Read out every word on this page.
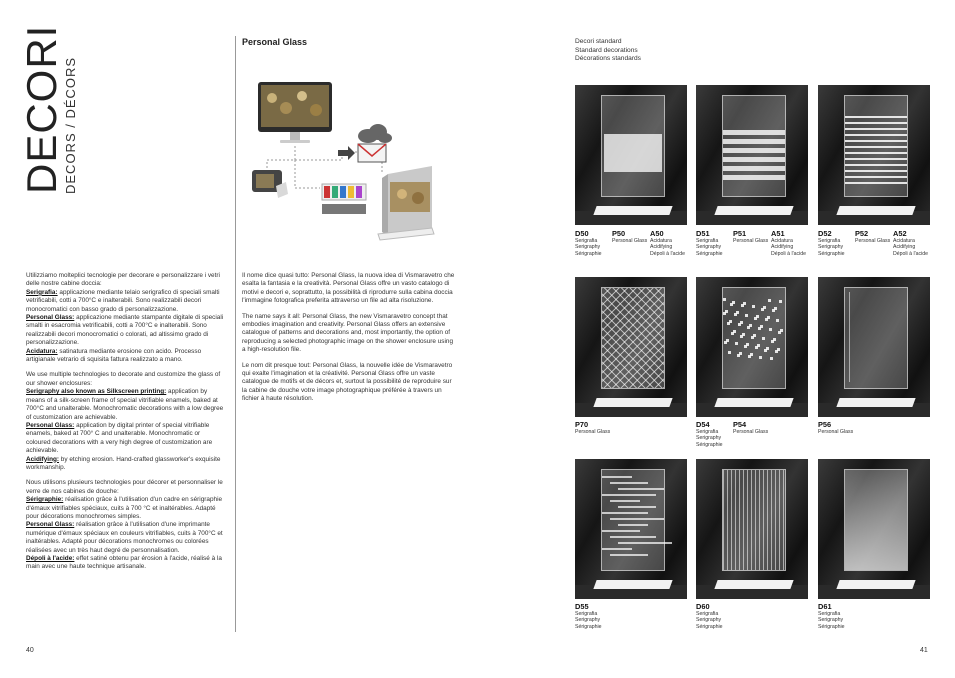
DECORI
DECORS / DÉCORS

Utilizziamo molteplici tecnologie per decorare e personalizzare i vetri delle nostre cabine doccia:
Serigrafia: applicazione mediante telaio serigrafico di speciali smalti vetrificabili, cotti a 700°C e inalterabili. Sono realizzabili decori monocromatici con basso grado di personalizzazione.
Personal Glass: applicazione mediante stampante digitale di speciali smalti in esacromia vetrificabili, cotti a 700°C e inalterabili. Sono realizzabili decori monocromatici o colorati, ad altissimo grado di personalizzazione.
Acidatura: satinatura mediante erosione con acido. Processo artigianale vetrario di squisita fattura realizzato a mano.

We use multiple technologies to decorate and customize the glass of our shower enclosures:
Serigraphy also known as Silkscreen printing: application by means of a silk-screen frame of special vitrifiable enamels, baked at 700°C and unalterable. Monochromatic decorations with a low degree of customization are achievable.
Personal Glass: application by digital printer of special vitrifiable enamels, baked at 700° C and unalterable. Monochromatic or coloured decorations with a very high degree of customization are achievable.
Acidifying: by etching erosion. Hand-crafted glassworker's exquisite workmanship.

Nous utilisons plusieurs technologies pour décorer et personnaliser le verre de nos cabines de douche:
Sérigraphie: réalisation grâce à l'utilisation d'un cadre en sérigraphie d'émaux vitrifiables spéciaux, cuits à 700 °C et inaltérables. Adapté pour décorations monochromes simples.
Personal Glass: réalisation grâce à l'utilisation d'une imprimante numérique d'émaux spéciaux en couleurs vitrifiables, cuits à 700°C et inaltérables. Adapté pour décorations monochromes ou colorées réalisées avec un très haut degré de personnalisation.
Dépoli à l'acide: effet satiné obtenu par érosion à l'acide, réalisé à la main avec une haute technique artisanale.

Personal Glass

Il nome dice quasi tutto: Personal Glass, la nuova idea di Vismaravetro che esalta la fantasia e la creatività. Personal Glass offre un vasto catalogo di motivi e decori e, soprattutto, la possibilità di riprodurre sulla cabina doccia l'immagine fotografica preferita attraverso un file ad alta risoluzione.

The name says it all: Personal Glass, the new Vismaravetro concept that embodies imagination and creativity. Personal Glass offers an extensive catalogue of patterns and decorations and, most importantly, the option of reproducing a selected photographic image on the shower enclosure using a high-resolution file.

Le nom dit presque tout: Personal Glass, la nouvelle idée de Vismaravetro qui exalte l'imagination et la créativité. Personal Glass offre un vaste catalogue de motifs et de décors et, surtout la possibilité de reproduire sur la cabine de douche votre image photographique préférée à travers un fichier à haute résolution.

Decori standard
Standard decorations
Décorations standards
D50
Serigrafia
Serigraphy
Sérigraphie
P50
Personal Glass
A50
Acidatura
Acidifying
Dépoli à l'acide
D51
Serigrafia
Serigraphy
Sérigraphie
P51
Personal Glass
A51
Acidatura
Acidifying
Dépoli à l'acide
D52
Serigrafia
Serigraphy
Sérigraphie
P52
Personal Glass
A52
Acidatura
Acidifying
Dépoli à l'acide
P70
Personal Glass
D54
Serigrafia
Serigraphy
Sérigraphie
P54
Personal Glass
P56
Personal Glass
D55
Serigrafia
Serigraphy
Sérigraphie
D60
Serigrafia
Serigraphy
Sérigraphie
D61
Serigrafia
Serigraphy
Sérigraphie
40	41
